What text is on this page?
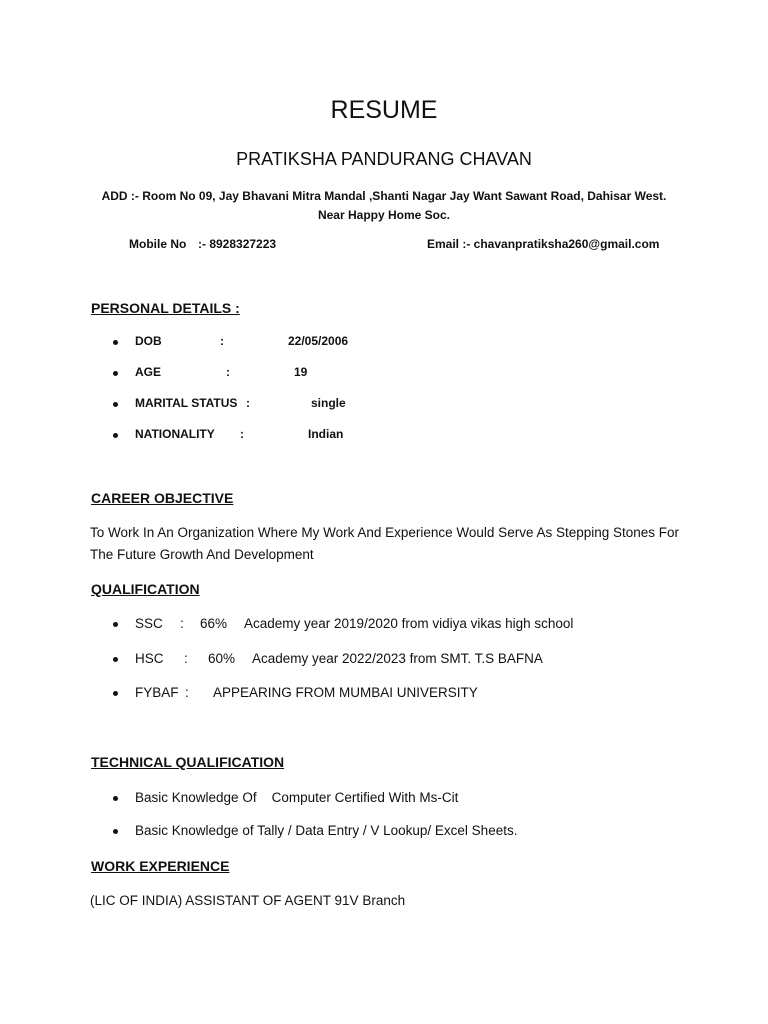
RESUME
PRATIKSHA PANDURANG CHAVAN
ADD :- Room No 09, Jay Bhavani Mitra Mandal ,Shanti Nagar Jay Want Sawant Road, Dahisar West. Near Happy Home Soc.
Mobile No :- 8928327223	Email :- chavanpratiksha260@gmail.com
PERSONAL DETAILS :
DOB	:	22/05/2006
AGE	:	19
MARITAL STATUS :	single
NATIONALITY :	Indian
CAREER OBJECTIVE
To Work In An Organization Where My Work And Experience Would Serve As Stepping Stones For The Future Growth And Development
QUALIFICATION
SSC : 66% Academy year 2019/2020 from vidiya vikas high school
HSC : 60% Academy year 2022/2023 from SMT. T.S BAFNA
FYBAF : APPEARING FROM MUMBAI UNIVERSITY
TECHNICAL QUALIFICATION
Basic Knowledge Of    Computer Certified With Ms-Cit
Basic Knowledge of Tally / Data Entry / V Lookup/ Excel Sheets.
WORK EXPERIENCE
(LIC OF INDIA) ASSISTANT OF AGENT 91V Branch
